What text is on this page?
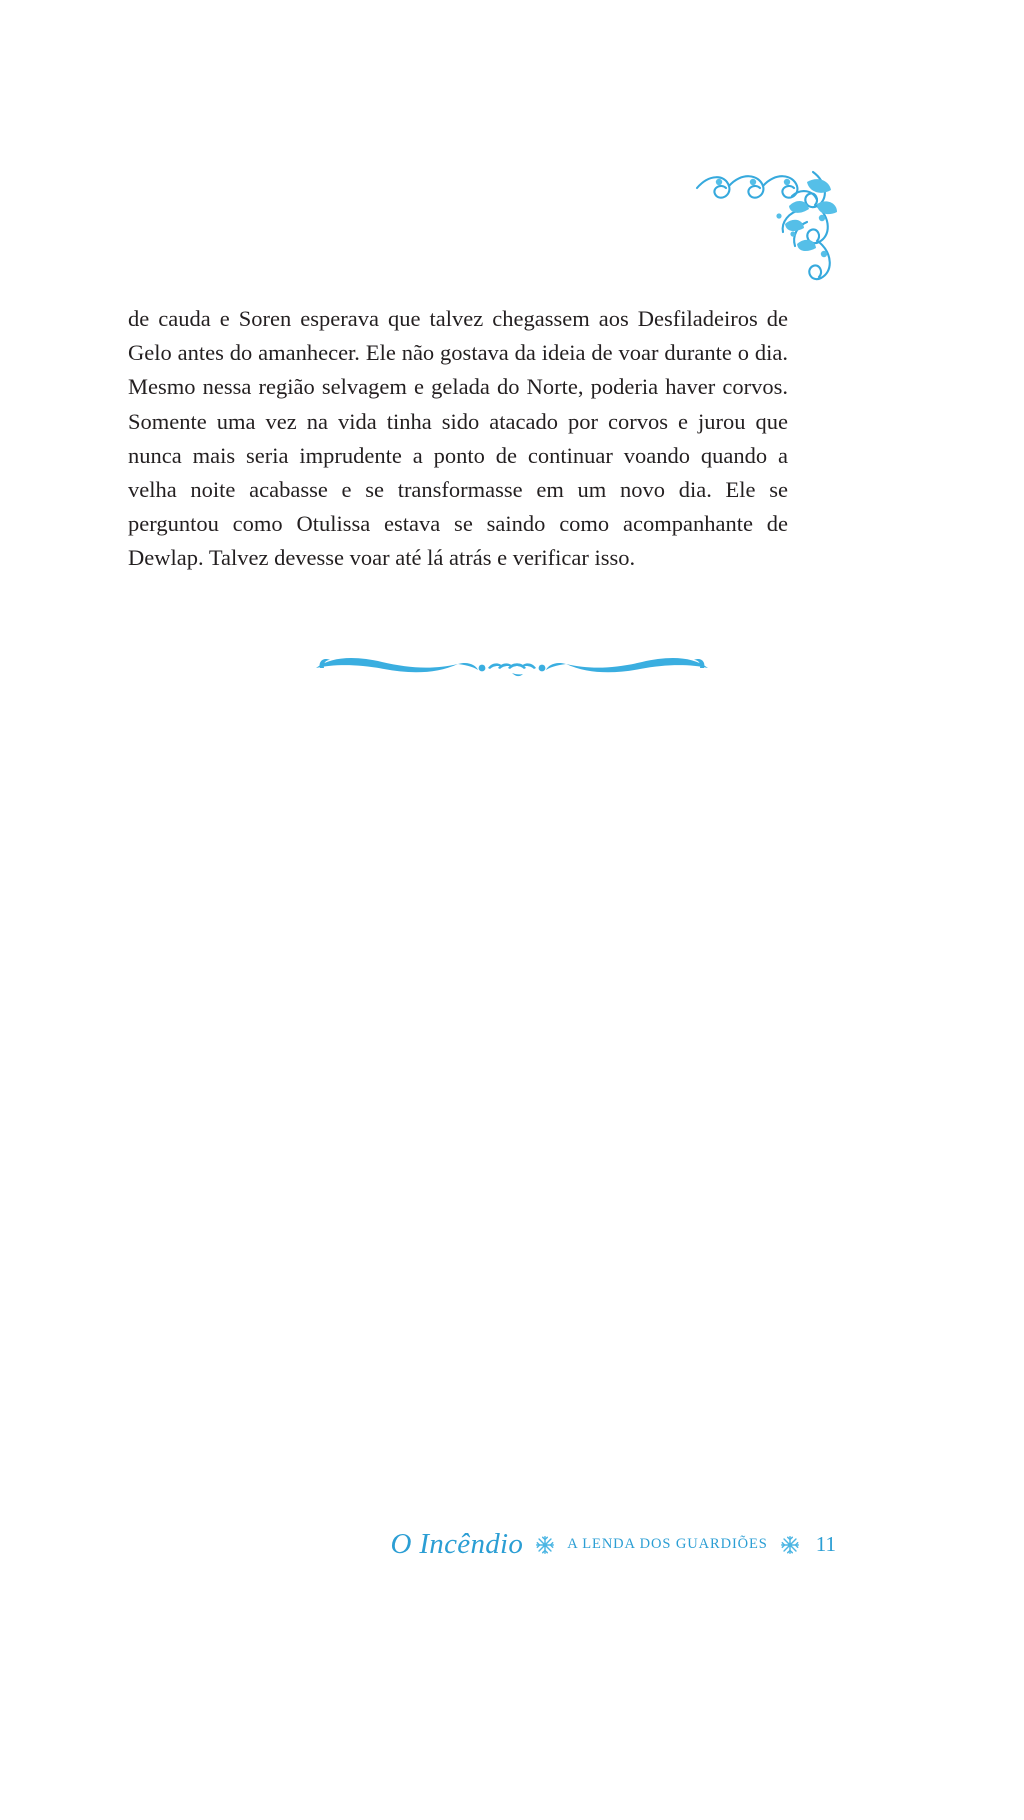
de cauda e Soren esperava que talvez chegassem aos Desfiladeiros de Gelo antes do amanhecer. Ele não gostava da ideia de voar durante o dia. Mesmo nessa região selvagem e gelada do Norte, poderia haver corvos. Somente uma vez na vida tinha sido atacado por corvos e jurou que nunca mais seria imprudente a ponto de continuar voando quando a velha noite acabasse e se transformasse em um novo dia. Ele se perguntou como Otulissa estava se saindo como acompanhante de Dewlap. Talvez devesse voar até lá atrás e verificar isso.

O Incêndio	A LENDA DOS GUARDIÕES 11
